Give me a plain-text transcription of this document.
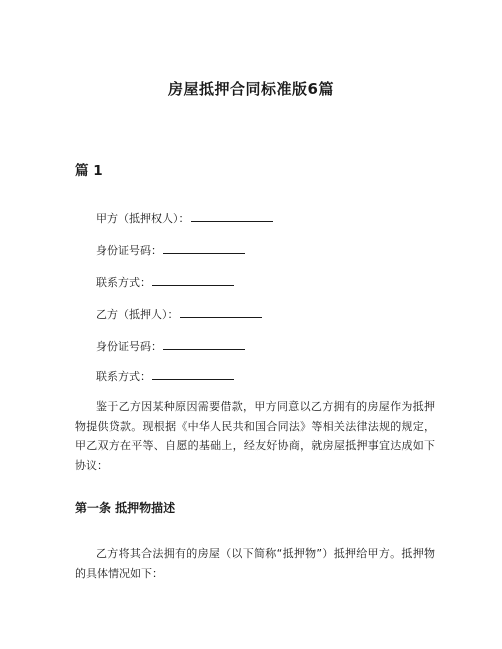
房屋抵押合同标准版6篇
篇 1
甲方（抵押权人）：
身份证号码：
联系方式：
乙方（抵押人）：
身份证号码：
联系方式：
鉴于乙方因某种原因需要借款，甲方同意以乙方拥有的房屋作为抵押物提供贷款。现根据《中华人民共和国合同法》等相关法律法规的规定，甲乙双方在平等、自愿的基础上，经友好协商，就房屋抵押事宜达成如下协议：
第一条 抵押物描述
乙方将其合法拥有的房屋（以下简称“抵押物”）抵押给甲方。抵押物的具体情况如下：
